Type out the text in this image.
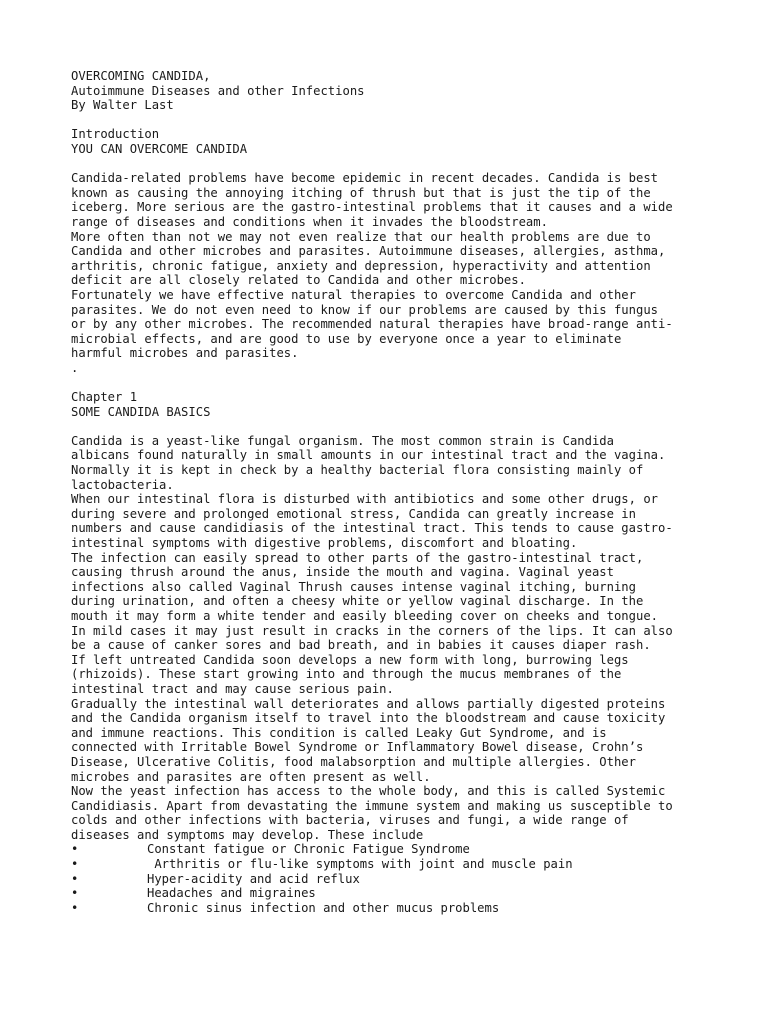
OVERCOMING CANDIDA,
Autoimmune Diseases and other Infections
By Walter Last
Introduction
YOU CAN OVERCOME CANDIDA
Candida-related problems have become epidemic in recent decades. Candida is best
known as causing the annoying itching of thrush but that is just the tip of the
iceberg. More serious are the gastro-intestinal problems that it causes and a wide
range of diseases and conditions when it invades the bloodstream.
More often than not we may not even realize that our health problems are due to
Candida and other microbes and parasites. Autoimmune diseases, allergies, asthma,
arthritis, chronic fatigue, anxiety and depression, hyperactivity and attention
deficit are all closely related to Candida and other microbes.
Fortunately we have effective natural therapies to overcome Candida and other
parasites. We do not even need to know if our problems are caused by this fungus
or by any other microbes. The recommended natural therapies have broad-range anti-
microbial effects, and are good to use by everyone once a year to eliminate
harmful microbes and parasites.
.
Chapter 1
SOME CANDIDA BASICS
Candida is a yeast-like fungal organism. The most common strain is Candida
albicans found naturally in small amounts in our intestinal tract and the vagina.
Normally it is kept in check by a healthy bacterial flora consisting mainly of
lactobacteria.
When our intestinal flora is disturbed with antibiotics and some other drugs, or
during severe and prolonged emotional stress, Candida can greatly increase in
numbers and cause candidiasis of the intestinal tract. This tends to cause gastro-
intestinal symptoms with digestive problems, discomfort and bloating.
The infection can easily spread to other parts of the gastro-intestinal tract,
causing thrush around the anus, inside the mouth and vagina. Vaginal yeast
infections also called Vaginal Thrush causes intense vaginal itching, burning
during urination, and often a cheesy white or yellow vaginal discharge. In the
mouth it may form a white tender and easily bleeding cover on cheeks and tongue.
In mild cases it may just result in cracks in the corners of the lips. It can also
be a cause of canker sores and bad breath, and in babies it causes diaper rash.
If left untreated Candida soon develops a new form with long, burrowing legs
(rhizoids). These start growing into and through the mucus membranes of the
intestinal tract and may cause serious pain.
Gradually the intestinal wall deteriorates and allows partially digested proteins
and the Candida organism itself to travel into the bloodstream and cause toxicity
and immune reactions. This condition is called Leaky Gut Syndrome, and is
connected with Irritable Bowel Syndrome or Inflammatory Bowel disease, Crohn’s
Disease, Ulcerative Colitis, food malabsorption and multiple allergies. Other
microbes and parasites are often present as well.
Now the yeast infection has access to the whole body, and this is called Systemic
Candidiasis. Apart from devastating the immune system and making us susceptible to
colds and other infections with bacteria, viruses and fungi, a wide range of
diseases and symptoms may develop. These include
•	Constant fatigue or Chronic Fatigue Syndrome
•	Arthritis or flu-like symptoms with joint and muscle pain
•	Hyper-acidity and acid reflux
•	Headaches and migraines
•	Chronic sinus infection and other mucus problems
